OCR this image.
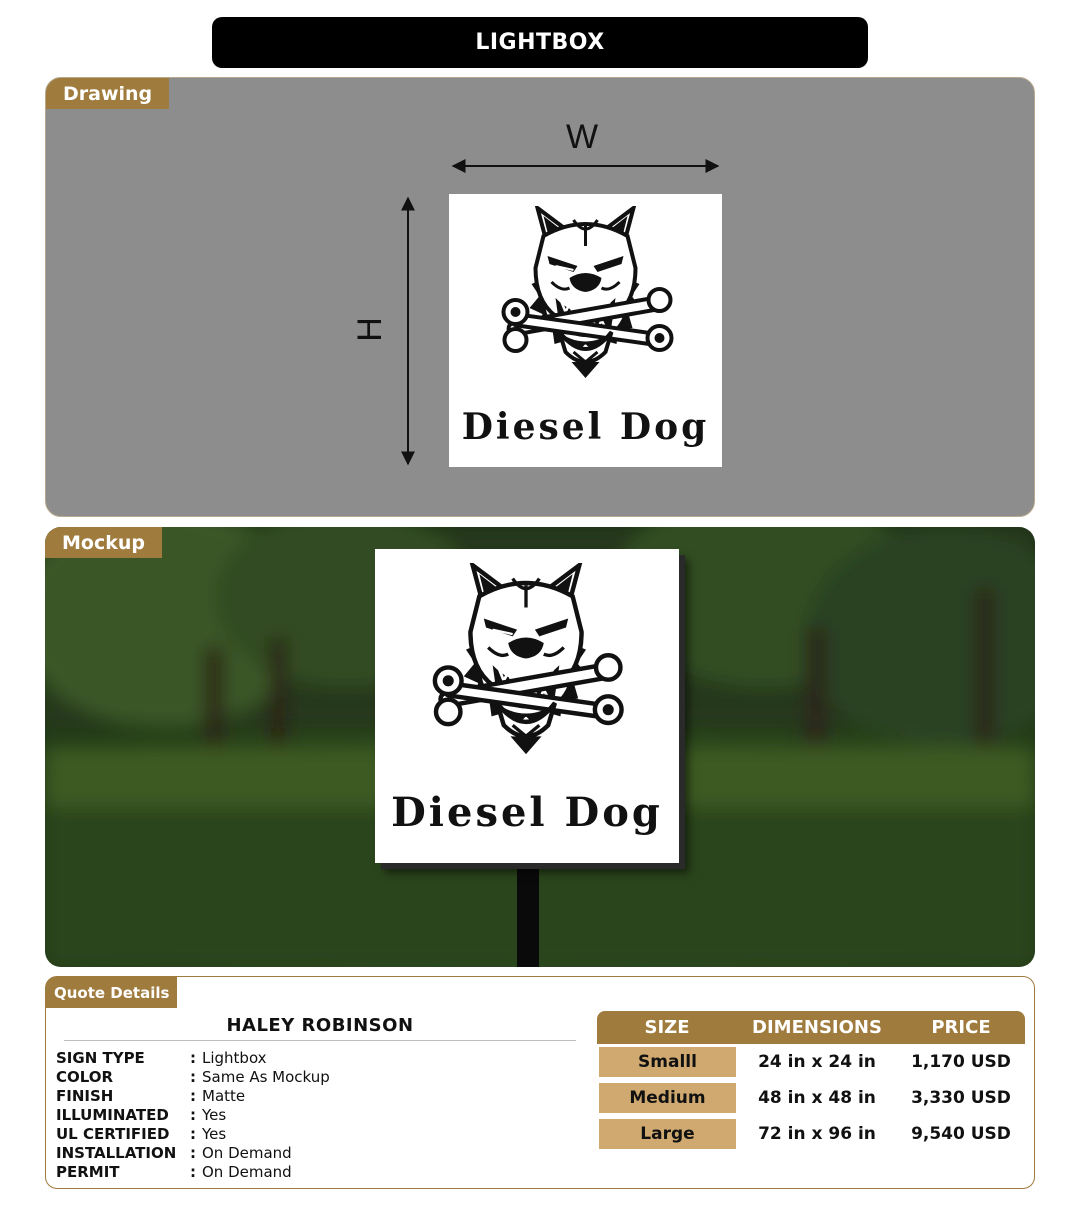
LIGHTBOX
Drawing
W
H
Diesel Dog
Mockup
Diesel Dog
Quote Details
HALEY ROBINSON
SIGN TYPE	: Lightbox
COLOR	: Same As Mockup
FINISH	: Matte
ILLUMINATED	: Yes
UL CERTIFIED	: Yes
INSTALLATION : On Demand
PERMIT	: On Demand
SIZE	DIMENSIONS	PRICE
Smalll	24 in x 24 in	1,170 USD
Medium	48 in x 48 in	3,330 USD
Large	72 in x 96 in	9,540 USD
